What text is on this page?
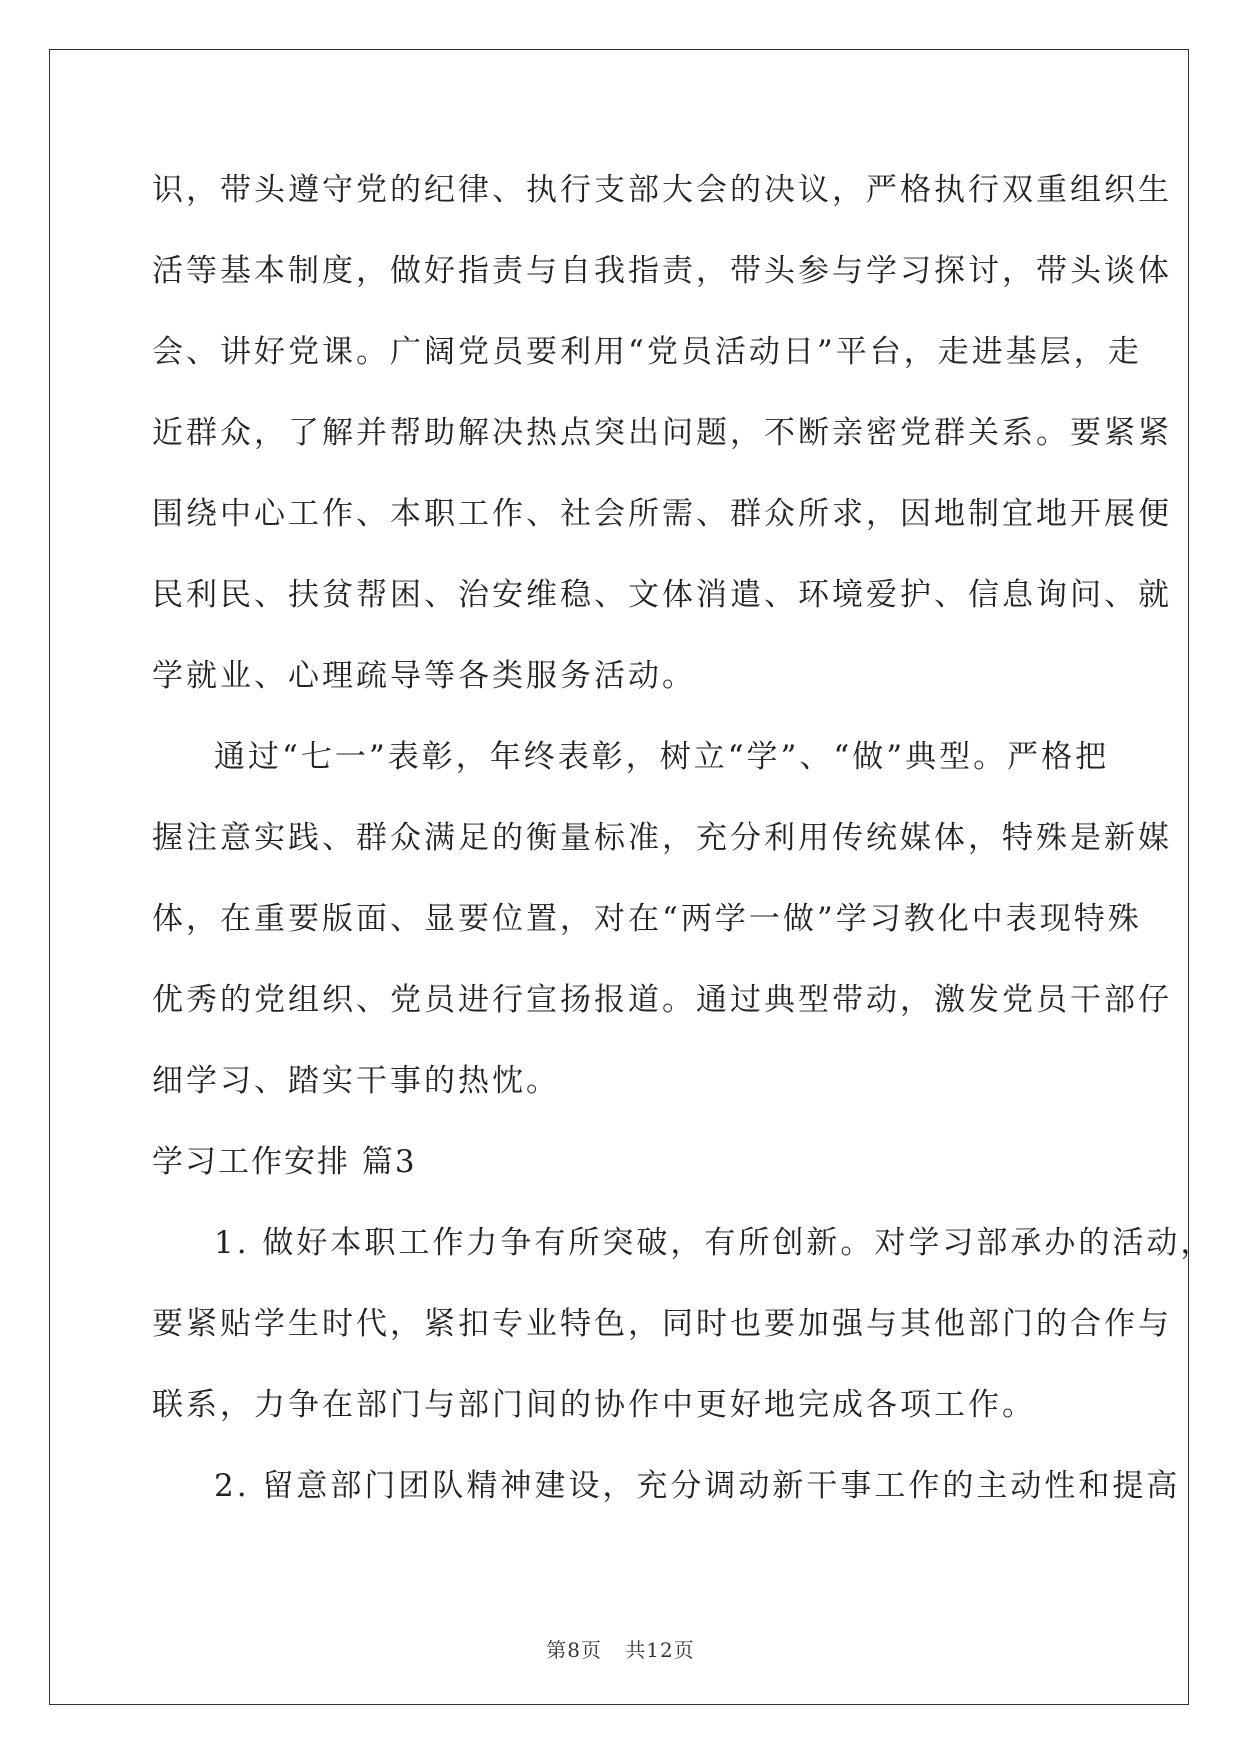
识，带头遵守党的纪律、执行支部大会的决议，严格执行双重组织生
活等基本制度，做好指责与自我指责，带头参与学习探讨，带头谈体
会、讲好党课。广阔党员要利用“党员活动日”平台，走进基层，走
近群众，了解并帮助解决热点突出问题，不断亲密党群关系。要紧紧
围绕中心工作、本职工作、社会所需、群众所求，因地制宜地开展便
民利民、扶贫帮困、治安维稳、文体消遣、环境爱护、信息询问、就
学就业、心理疏导等各类服务活动。
通过“七一”表彰，年终表彰，树立“学”、“做”典型。严格把
握注意实践、群众满足的衡量标准，充分利用传统媒体，特殊是新媒
体，在重要版面、显要位置，对在“两学一做”学习教化中表现特殊
优秀的党组织、党员进行宣扬报道。通过典型带动，激发党员干部仔
细学习、踏实干事的热忱。
学习工作安排 篇3
1. 做好本职工作力争有所突破，有所创新。对学习部承办的活动，
要紧贴学生时代，紧扣专业特色，同时也要加强与其他部门的合作与
联系，力争在部门与部门间的协作中更好地完成各项工作。
2. 留意部门团队精神建设，充分调动新干事工作的主动性和提高
第8页 共12页
